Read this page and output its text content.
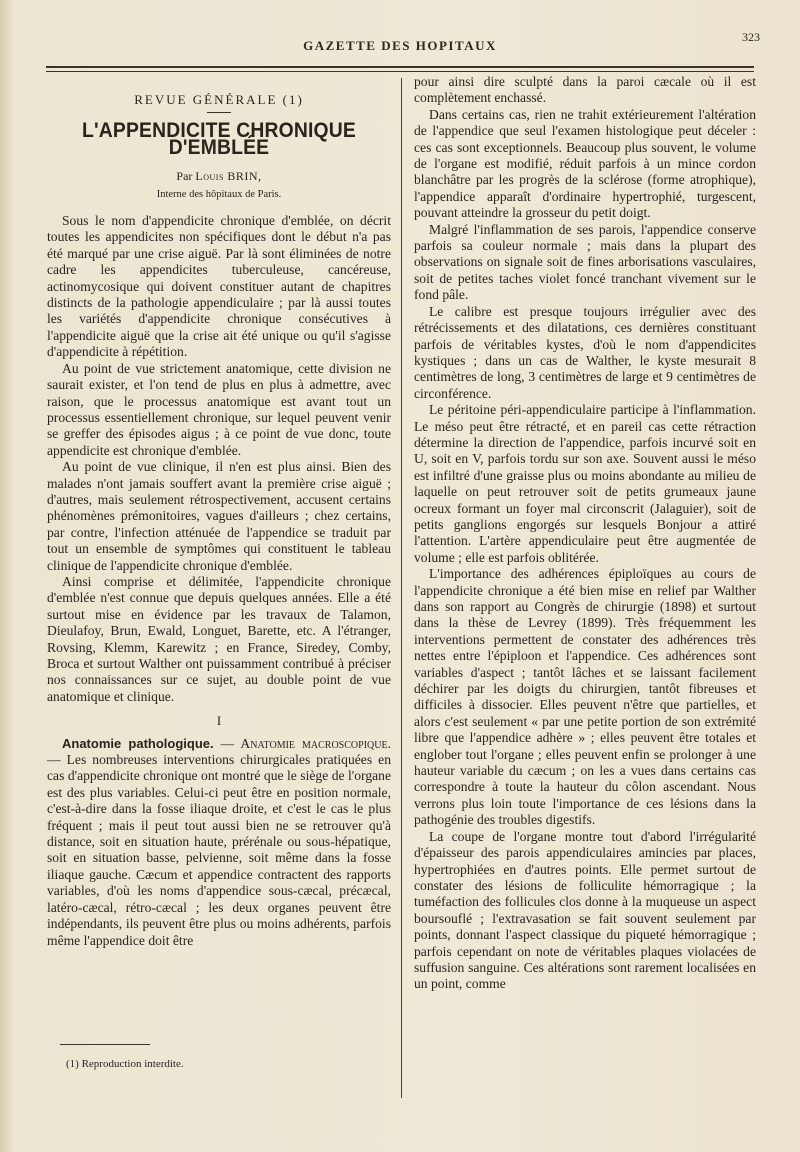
GAZETTE DES HOPITAUX
323
REVUE GÉNÉRALE (1)
L'APPENDICITE CHRONIQUE D'EMBLÉE
Par Louis BRIN,
Interne des hôpitaux de Paris.

Sous le nom d'appendicite chronique d'emblée, on décrit toutes les appendicites non spécifiques dont le début n'a pas été marqué par une crise aiguë. Par là sont éliminées de notre cadre les appendicites tuberculeuse, cancéreuse, actinomycosique qui doivent constituer autant de chapitres distincts de la pathologie appendiculaire ; par là aussi toutes les variétés d'appendicite chronique consécutives à l'appendicite aiguë que la crise ait été unique ou qu'il s'agisse d'appendicite à répétition.

Au point de vue strictement anatomique, cette division ne saurait exister, et l'on tend de plus en plus à admettre, avec raison, que le processus anatomique est avant tout un processus essentiellement chronique, sur lequel peuvent venir se greffer des épisodes aigus ; à ce point de vue donc, toute appendicite est chronique d'emblée.

Au point de vue clinique, il n'en est plus ainsi. Bien des malades n'ont jamais souffert avant la première crise aiguë ; d'autres, mais seulement rétrospectivement, accusent certains phénomènes prémonitoires, vagues d'ailleurs ; chez certains, par contre, l'infection atténuée de l'appendice se traduit par tout un ensemble de symptômes qui constituent le tableau clinique de l'appendicite chronique d'emblée.

Ainsi comprise et délimitée, l'appendicite chronique d'emblée n'est connue que depuis quelques années. Elle a été surtout mise en évidence par les travaux de Talamon, Dieulafoy, Brun, Ewald, Longuet, Barette, etc. A l'étranger, Rovsing, Klemm, Karewitz ; en France, Siredey, Comby, Broca et surtout Walther ont puissamment contribué à préciser nos connaissances sur ce sujet, au double point de vue anatomique et clinique.

I

Anatomie pathologique. — Anatomie macroscopique. — Les nombreuses interventions chirurgicales pratiquées en cas d'appendicite chronique ont montré que le siège de l'organe est des plus variables. Celui-ci peut être en position normale, c'est-à-dire dans la fosse iliaque droite, et c'est le cas le plus fréquent ; mais il peut tout aussi bien ne se retrouver qu'à distance, soit en situation haute, prérénale ou sous-hépatique, soit en situation basse, pelvienne, soit même dans la fosse iliaque gauche. Cæcum et appendice contractent des rapports variables, d'où les noms d'appendice sous-cæcal, précæcal, latéro-cæcal, rétro-cæcal ; les deux organes peuvent être indépendants, ils peuvent être plus ou moins adhérents, parfois même l'appendice doit être

pour ainsi dire sculpté dans la paroi cæcale où il est complètement enchassé.

Dans certains cas, rien ne trahit extérieurement l'altération de l'appendice que seul l'examen histologique peut déceler : ces cas sont exceptionnels. Beaucoup plus souvent, le volume de l'organe est modifié, réduit parfois à un mince cordon blanchâtre par les progrès de la sclérose (forme atrophique), l'appendice apparaît d'ordinaire hypertrophié, turgescent, pouvant atteindre la grosseur du petit doigt.

Malgré l'inflammation de ses parois, l'appendice conserve parfois sa couleur normale ; mais dans la plupart des observations on signale soit de fines arborisations vasculaires, soit de petites taches violet foncé tranchant vivement sur le fond pâle.

Le calibre est presque toujours irrégulier avec des rétrécissements et des dilatations, ces dernières constituant parfois de véritables kystes, d'où le nom d'appendicites kystiques ; dans un cas de Walther, le kyste mesurait 8 centimètres de long, 3 centimètres de large et 9 centimètres de circonférence.

Le péritoine péri-appendiculaire participe à l'inflammation. Le méso peut être rétracté, et en pareil cas cette rétraction détermine la direction de l'appendice, parfois incurvé soit en U, soit en V, parfois tordu sur son axe. Souvent aussi le méso est infiltré d'une graisse plus ou moins abondante au milieu de laquelle on peut retrouver soit de petits grumeaux jaune ocreux formant un foyer mal circonscrit (Jalaguier), soit de petits ganglions engorgés sur lesquels Bonjour a attiré l'attention. L'artère appendiculaire peut être augmentée de volume ; elle est parfois oblitérée.

L'importance des adhérences épiploïques au cours de l'appendicite chronique a été bien mise en relief par Walther dans son rapport au Congrès de chirurgie (1898) et surtout dans la thèse de Levrey (1899). Très fréquemment les interventions permettent de constater des adhérences très nettes entre l'épiploon et l'appendice. Ces adhérences sont variables d'aspect ; tantôt lâches et se laissant facilement déchirer par les doigts du chirurgien, tantôt fibreuses et difficiles à dissocier. Elles peuvent n'être que partielles, et alors c'est seulement « par une petite portion de son extrémité libre que l'appendice adhère » ; elles peuvent être totales et englober tout l'organe ; elles peuvent enfin se prolonger à une hauteur variable du cæcum ; on les a vues dans certains cas correspondre à toute la hauteur du côlon ascendant. Nous verrons plus loin toute l'importance de ces lésions dans la pathogénie des troubles digestifs.

La coupe de l'organe montre tout d'abord l'irrégularité d'épaisseur des parois appendiculaires amincies par places, hypertrophiées en d'autres points. Elle permet surtout de constater des lésions de folliculite hémorragique ; la tuméfaction des follicules clos donne à la muqueuse un aspect boursouflé ; l'extravasation se fait souvent seulement par points, donnant l'aspect classique du piqueté hémorragique ; parfois cependant on note de véritables plaques violacées de suffusion sanguine. Ces altérations sont rarement localisées en un point, comme

(1) Reproduction interdite.
